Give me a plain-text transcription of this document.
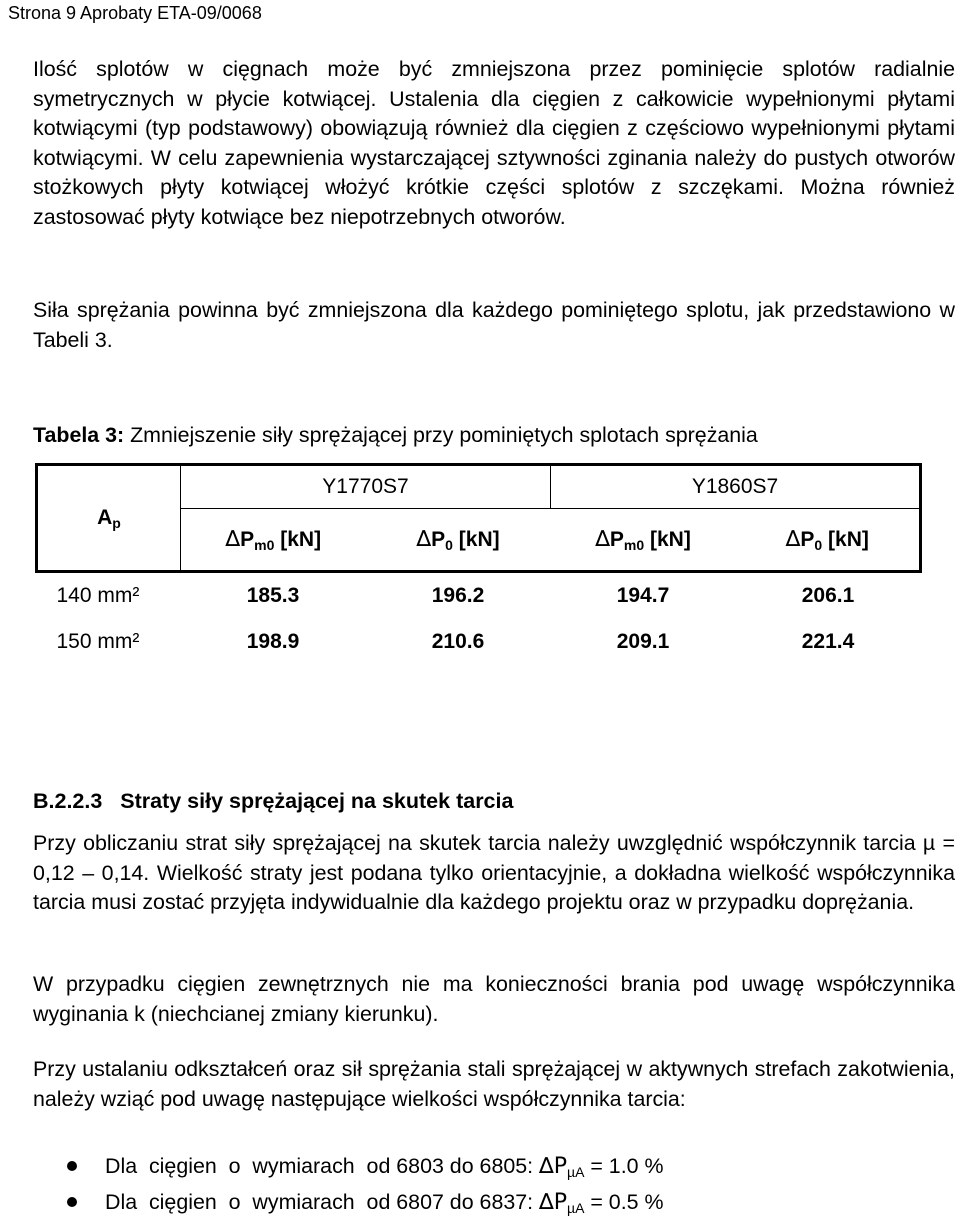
Strona 9 Aprobaty ETA-09/0068

Ilość splotów w cięgnach może być zmniejszona przez pominięcie splotów radialnie symetrycznych w płycie kotwiącej. Ustalenia dla cięgien z całkowicie wypełnionymi płytami kotwiącymi (typ podstawowy) obowiązują również dla cięgien z częściowo wypełnionymi płytami kotwiącymi. W celu zapewnienia wystarczającej sztywności zginania należy do pustych otworów stożkowych płyty kotwiącej włożyć krótkie części splotów z szczękami. Można również zastosować płyty kotwiące bez niepotrzebnych otworów.

Siła sprężania powinna być zmniejszona dla każdego pominiętego splotu, jak przedstawiono w Tabeli 3.

Tabela 3: Zmniejszenie siły sprężającej przy pominiętych splotach sprężania
$A_p$	Y1770S7		Y1860S7	
	$\Delta P_{m0}$ [kN]	$\Delta P_0$ [kN]	$\Delta P_{m0}$ [kN]	$\Delta P_0$ [kN]
140 mm²	185.3	196.2	194.7	206.1
150 mm²	198.9	210.6	209.1	221.4
B.2.2.3 Straty siły sprężającej na skutek tarcia

Przy obliczaniu strat siły sprężającej na skutek tarcia należy uwzględnić współczynnik tarcia µ = 0,12 – 0,14. Wielkość straty jest podana tylko orientacyjnie, a dokładna wielkość współczynnika tarcia musi zostać przyjęta indywidualnie dla każdego projektu oraz w przypadku doprężania.

W przypadku cięgien zewnętrznych nie ma konieczności brania pod uwagę współczynnika wyginania k (niechcianej zmiany kierunku).

Przy ustalaniu odkształceń oraz sił sprężania stali sprężającej w aktywnych strefach zakotwienia, należy wziąć pod uwagę następujące wielkości współczynnika tarcia:

Dla  cięgien  o  wymiarach  od 6803 do 6805: $\Delta P_{\mu A} = 1.0$ %
Dla  cięgien  o  wymiarach  od 6807 do 6837: $\Delta P_{\mu A} = 0.5$ %
